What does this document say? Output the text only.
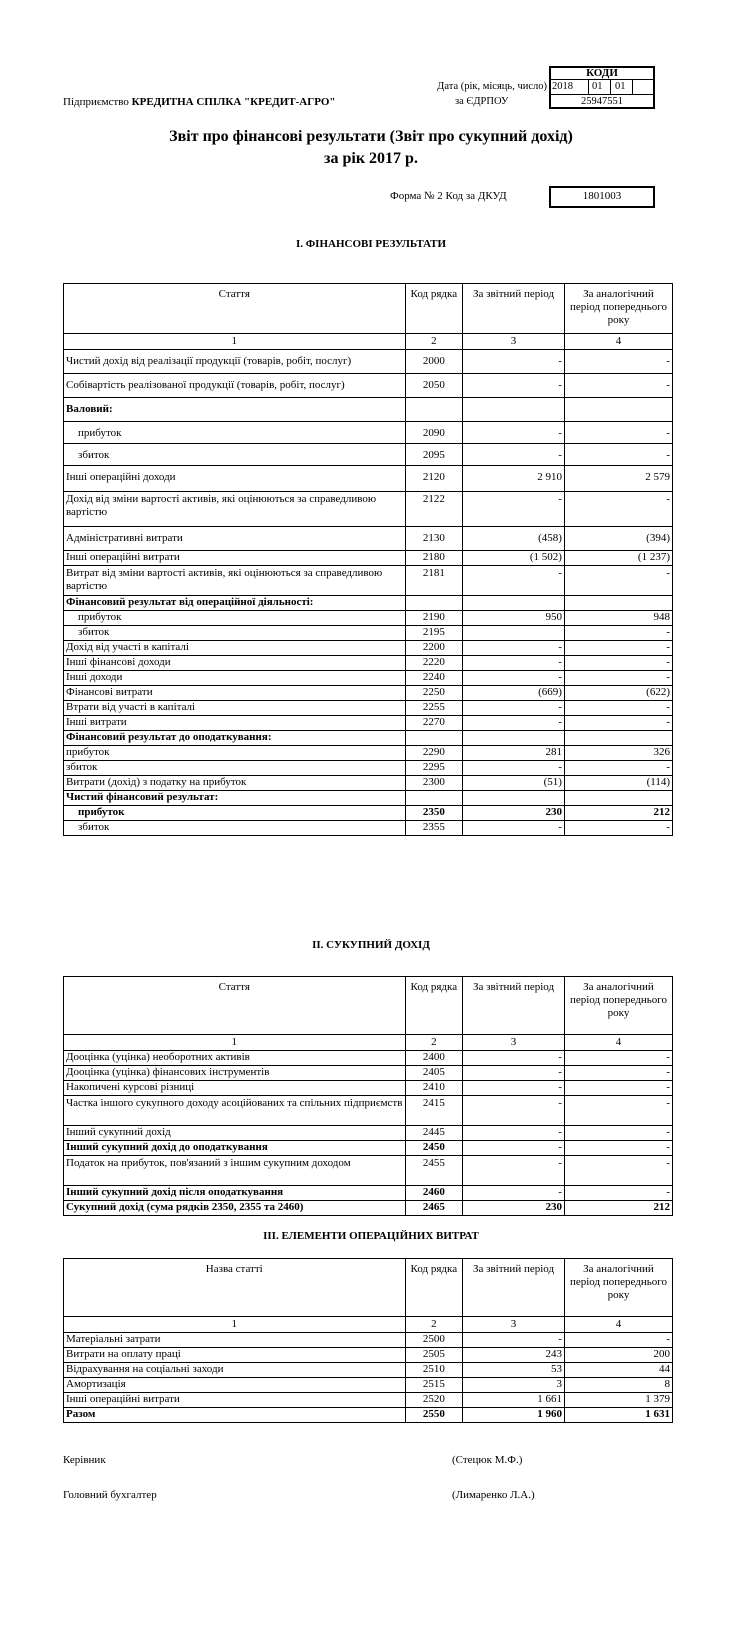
КОДИ
Дата (рік, місяць, число) 2018 01 01
за ЄДРПОУ	25947551
Підприємство КРЕДИТНА СПІЛКА "КРЕДИТ-АГРО"
Звіт про фінансові результати (Звіт про сукупний дохід)
за рік 2017 р.
Форма № 2 Код за ДКУД	1801003
I. ФІНАНСОВІ РЕЗУЛЬТАТИ
Стаття	Код рядка	За звітний період	За аналогічний період попереднього року
1	2	3	4
Чистий дохід від реалізації продукції (товарів, робіт, послуг)	2000	-	-
Собівартість реалізованої продукції (товарів, робіт, послуг)	2050	-	-
Валовий:			
прибуток	2090	-	-
збиток	2095	-	-
Інші операційні доходи	2120	2 910	2 579
Дохід від зміни вартості активів, які оцінюються за справедливою вартістю	2122	-	-
Адміністративні витрати	2130	(458)	(394)
Інші операційні витрати	2180	(1 502)	(1 237)
Витрат від зміни вартості активів, які оцінюються за справедливою вартістю	2181	-	-
Фінансовий результат від операційної діяльності:			
прибуток	2190	950	948
збиток	2195		-
Дохід від участі в капіталі	2200	-	-
Інші фінансові доходи	2220	-	-
Інші доходи	2240	-	-
Фінансові витрати	2250	(669)	(622)
Втрати від участі в капіталі	2255	-	-
Інші витрати	2270	-	-
Фінансовий результат до оподаткування:			
прибуток	2290	281	326
збиток	2295	-	-
Витрати (дохід) з податку на прибуток	2300	(51)	(114)
Чистий фінансовий результат:			
прибуток	2350	230	212
збиток	2355	-	-
II. СУКУПНИЙ ДОХІД
Стаття	Код рядка	За звітний період	За аналогічний період попереднього року
1	2	3	4
Дооцінка (уцінка) необоротних активів	2400	-	-
Дооцінка (уцінка) фінансових інструментів	2405	-	-
Накопичені курсові різниці	2410	-	-
Частка іншого сукупного доходу асоційованих та спільних підприємств	2415	-	-
Інший сукупний дохід	2445	-	-
Інший сукупний дохід до оподаткування	2450	-	-
Податок на прибуток, пов'язаний з іншим сукупним доходом	2455	-	-
Інший сукупний дохід після оподаткування	2460	-	-
Сукупний дохід (сума рядків 2350, 2355 та 2460)	2465	230	212
III. ЕЛЕМЕНТИ ОПЕРАЦІЙНИХ ВИТРАТ
Назва статті	Код рядка	За звітний період	За аналогічний період попереднього року
1	2	3	4
Матеріальні затрати	2500	-	-
Витрати на оплату праці	2505	243	200
Відрахування на соціальні заходи	2510	53	44
Амортизація	2515	3	8
Інші операційні витрати	2520	1 661	1 379
Разом	2550	1 960	1 631
Керівник	(Стецюк М.Ф.)
Головний бухгалтер	(Лимаренко Л.А.)
